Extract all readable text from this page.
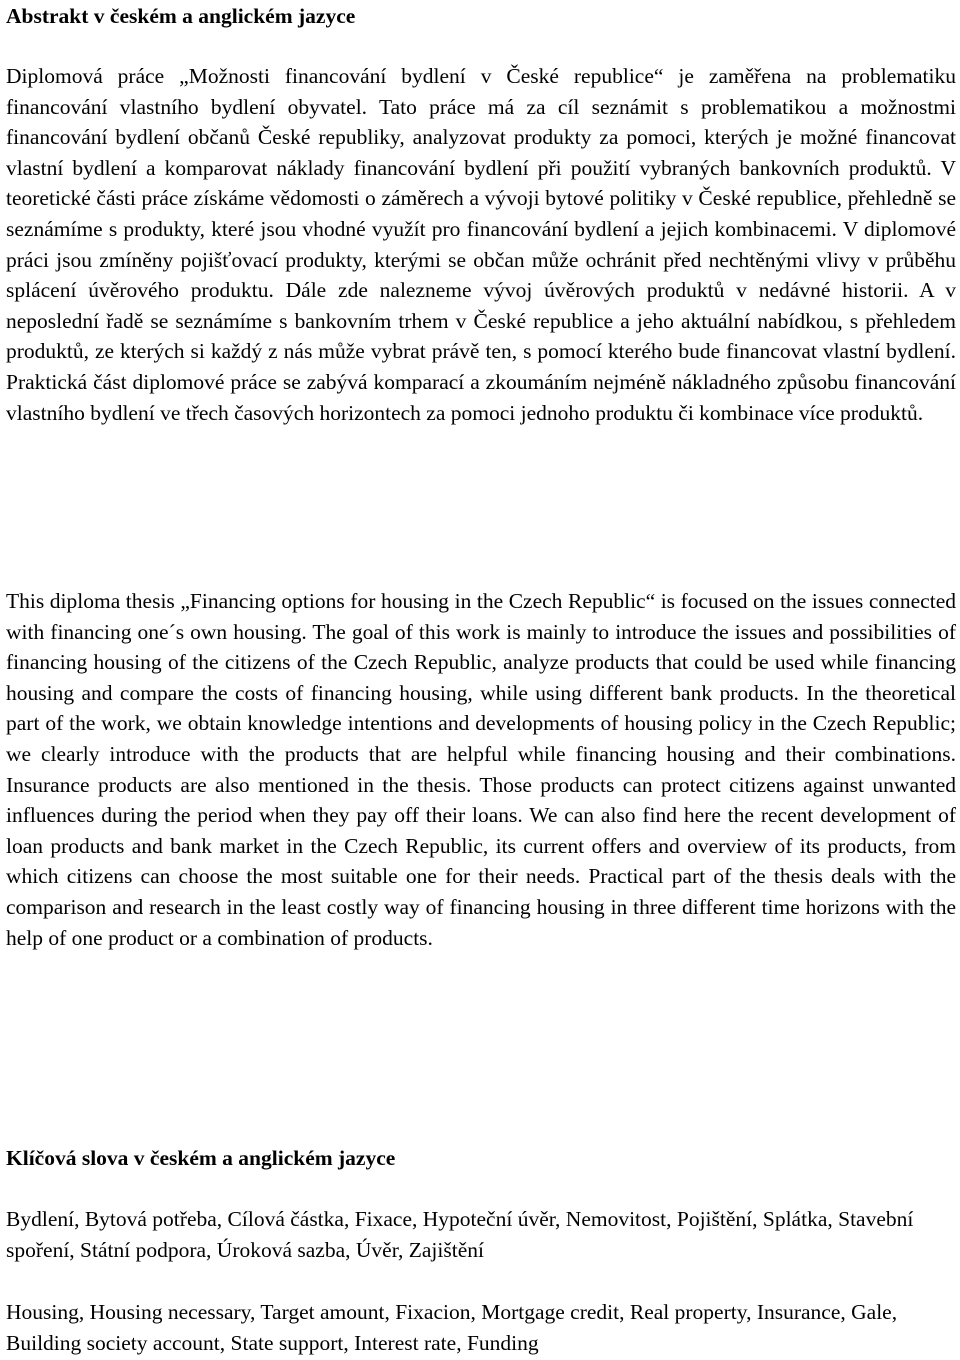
Abstrakt v českém a anglickém jazyce

Diplomová práce „Možnosti financování bydlení v České republice“ je zaměřena na problematiku financování vlastního bydlení obyvatel. Tato práce má za cíl seznámit s problematikou a možnostmi financování bydlení občanů České republiky, analyzovat produkty za pomoci, kterých je možné financovat vlastní bydlení a komparovat náklady financování bydlení při použití vybraných bankovních produktů. V teoretické části práce získáme vědomosti o záměrech a vývoji bytové politiky v České republice, přehledně se seznámíme s produkty, které jsou vhodné využít pro financování bydlení a jejich kombinacemi. V diplomové práci jsou zmíněny pojišťovací produkty, kterými se občan může ochránit před nechtěnými vlivy v průběhu splácení úvěrového produktu. Dále zde nalezneme vývoj úvěrových produktů v nedávné historii. A v neposlední řadě se seznámíme s bankovním trhem v České republice a jeho aktuální nabídkou, s přehledem produktů, ze kterých si každý z nás může vybrat právě ten, s pomocí kterého bude financovat vlastní bydlení. Praktická část diplomové práce se zabývá komparací a zkoumáním nejméně nákladného způsobu financování vlastního bydlení ve třech časových horizontech za pomoci jednoho produktu či kombinace více produktů.

This diploma thesis „Financing options for housing in the Czech Republic“ is focused on the issues connected with financing one´s own housing. The goal of this work is mainly to introduce the issues and possibilities of financing housing of the citizens of the Czech Republic, analyze products that could be used while financing housing and compare the costs of financing housing, while using different bank products. In the theoretical part of the work, we obtain knowledge intentions and developments of housing policy in the Czech Republic; we clearly introduce with the products that are helpful while financing housing and their combinations. Insurance products are also mentioned in the thesis. Those products can protect citizens against unwanted influences during the period when they pay off their loans. We can also find here the recent development of loan products and bank market in the Czech Republic, its current offers and overview of its products, from which citizens can choose the most suitable one for their needs. Practical part of the thesis deals with the comparison and research in the least costly way of financing housing in three different time horizons with the help of one product or a combination of products.

Klíčová slova v českém a anglickém jazyce

Bydlení, Bytová potřeba, Cílová částka, Fixace, Hypoteční úvěr, Nemovitost, Pojištění, Splátka, Stavební spoření, Státní podpora, Úroková sazba, Úvěr, Zajištění

Housing, Housing necessary, Target amount, Fixacion, Mortgage credit, Real property, Insurance, Gale, Building society account, State support, Interest rate, Funding
